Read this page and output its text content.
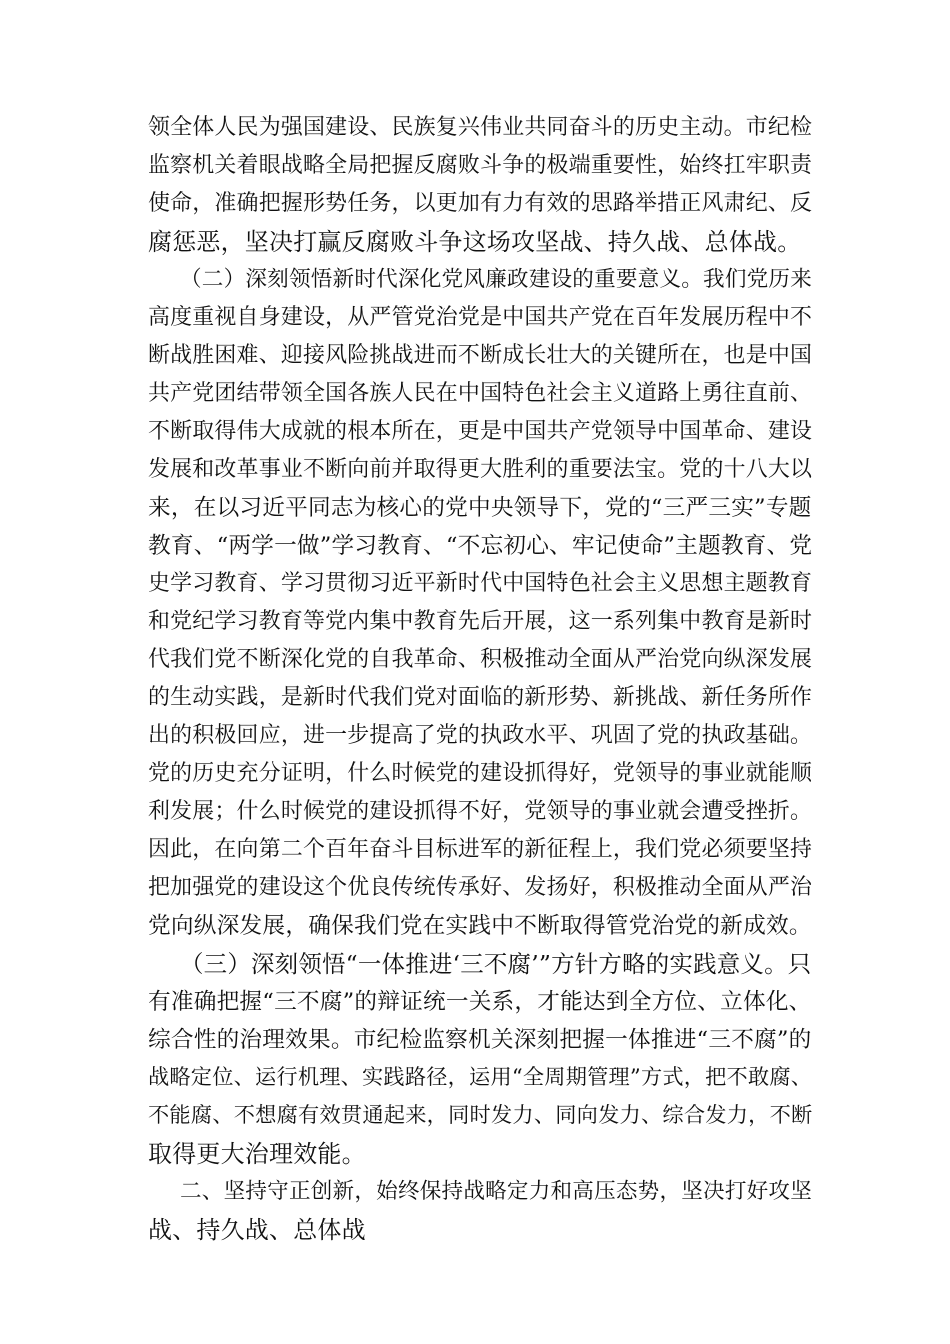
领全体人民为强国建设、民族复兴伟业共同奋斗的历史主动。市纪检
监察机关着眼战略全局把握反腐败斗争的极端重要性，始终扛牢职责
使命，准确把握形势任务，以更加有力有效的思路举措正风肃纪、反
腐惩恶，坚决打赢反腐败斗争这场攻坚战、持久战、总体战。
（二）深刻领悟新时代深化党风廉政建设的重要意义。我们党历来
高度重视自身建设，从严管党治党是中国共产党在百年发展历程中不
断战胜困难、迎接风险挑战进而不断成长壮大的关键所在，也是中国
共产党团结带领全国各族人民在中国特色社会主义道路上勇往直前、
不断取得伟大成就的根本所在，更是中国共产党领导中国革命、建设
发展和改革事业不断向前并取得更大胜利的重要法宝。党的十八大以
来，在以习近平同志为核心的党中央领导下，党的“三严三实”专题
教育、“两学一做”学习教育、“不忘初心、牢记使命”主题教育、党
史学习教育、学习贯彻习近平新时代中国特色社会主义思想主题教育
和党纪学习教育等党内集中教育先后开展，这一系列集中教育是新时
代我们党不断深化党的自我革命、积极推动全面从严治党向纵深发展
的生动实践，是新时代我们党对面临的新形势、新挑战、新任务所作
出的积极回应，进一步提高了党的执政水平、巩固了党的执政基础。
党的历史充分证明，什么时候党的建设抓得好，党领导的事业就能顺
利发展；什么时候党的建设抓得不好，党领导的事业就会遭受挫折。
因此，在向第二个百年奋斗目标进军的新征程上，我们党必须要坚持
把加强党的建设这个优良传统传承好、发扬好，积极推动全面从严治
党向纵深发展，确保我们党在实践中不断取得管党治党的新成效。
（三）深刻领悟“一体推进‘三不腐’”方针方略的实践意义。只
有准确把握“三不腐”的辩证统一关系，才能达到全方位、立体化、
综合性的治理效果。市纪检监察机关深刻把握一体推进“三不腐”的
战略定位、运行机理、实践路径，运用“全周期管理”方式，把不敢腐、
不能腐、不想腐有效贯通起来，同时发力、同向发力、综合发力，不断
取得更大治理效能。
二、坚持守正创新，始终保持战略定力和高压态势，坚决打好攻坚
战、持久战、总体战
